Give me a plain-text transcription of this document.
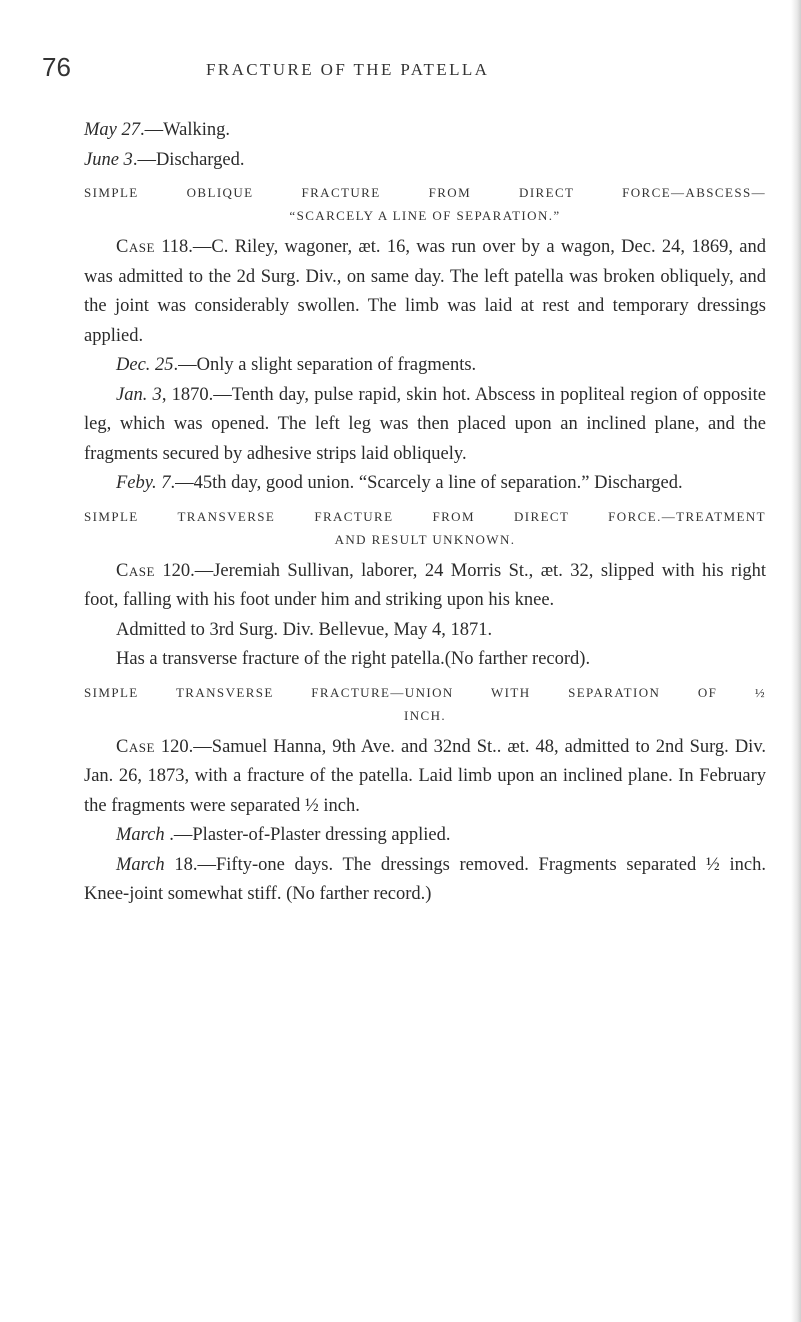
76	FRACTURE OF THE PATELLA

May 27.—Walking.

June 3.—Discharged.

SIMPLE OBLIQUE FRACTURE FROM DIRECT FORCE—ABSCESS—
“SCARCELY A LINE OF SEPARATION.”

Case 118.—C. Riley, wagoner, æt. 16, was run over by a wagon, Dec. 24, 1869, and was admitted to the 2d Surg. Div., on same day. The left patella was broken obliquely, and the joint was considerably swollen. The limb was laid at rest and temporary dressings applied.

Dec. 25.—Only a slight separation of fragments.

Jan. 3, 1870.—Tenth day, pulse rapid, skin hot. Abscess in popliteal region of opposite leg, which was opened. The left leg was then placed upon an inclined plane, and the fragments secured by adhesive strips laid obliquely.

Feby. 7.—45th day, good union. “Scarcely a line of separation.” Discharged.

SIMPLE TRANSVERSE FRACTURE FROM DIRECT FORCE.—TREATMENT
AND RESULT UNKNOWN.

Case 120.—Jeremiah Sullivan, laborer, 24 Morris St., æt. 32, slipped with his right foot, falling with his foot under him and striking upon his knee.

Admitted to 3rd Surg. Div. Bellevue, May 4, 1871.

Has a transverse fracture of the right patella.(No farther record).

SIMPLE TRANSVERSE FRACTURE—UNION WITH SEPARATION OF ½
INCH.

Case 120.—Samuel Hanna, 9th Ave. and 32nd St.. æt. 48, admitted to 2nd Surg. Div. Jan. 26, 1873, with a fracture of the patella. Laid limb upon an inclined plane. In February the fragments were separated ½ inch.

March .—Plaster-of-Plaster dressing applied.

March 18.—Fifty-one days. The dressings removed. Fragments separated ½ inch. Knee-joint somewhat stiff. (No farther record.)
